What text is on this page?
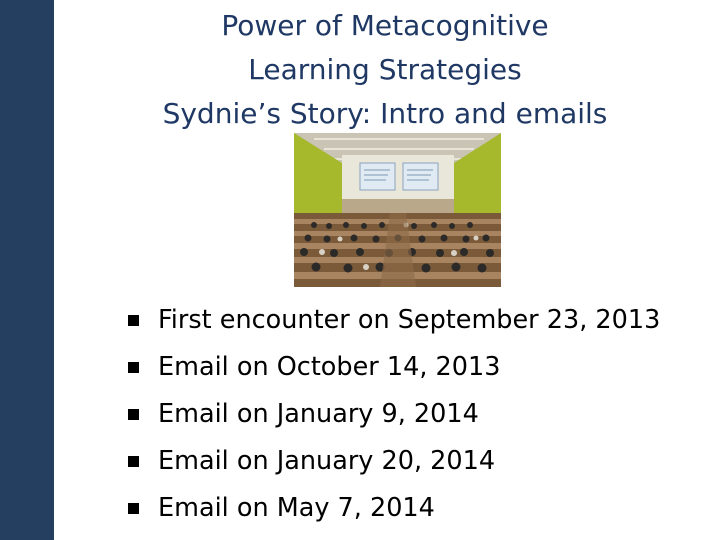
Power of Metacognitive
Learning Strategies
Sydnie’s Story: Intro and emails
First encounter on September 23, 2013
Email on October 14, 2013
Email on January 9, 2014
Email on January 20, 2014
Email on May 7, 2014
